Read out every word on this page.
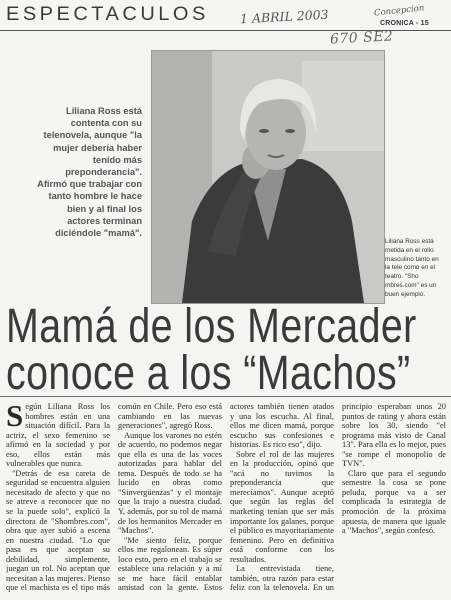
ESPECTACULOS 1 ABRIL 2003
670 SE2
Concepcion
CRONICA - 15
Liliana Ross está contenta con su telenovela, aunque "la mujer debería haber tenido más preponderancia". Afirmó que trabajar con tanto hombre le hace bien y al final los actores terminan diciéndole "mamá".
Liliana Ross está metida en el rollo masculino tanto en la tele como en el teatro. "Sho mbres.com" es un buen ejemplo.
Mamá de los Mercader
conoce a los “Machos”

Según Liliana Ross los hombres están en una situación difícil. Para la actriz, el sexo femenino se afirmó en la sociedad y por eso, ellos están más vulnerables que nunca.

"Detrás de esa careta de seguridad se encuentra alguien necesitado de afecto y que no se atreve a reconocer que no se la puede solo", explicó la directora de "Shombres.com", obra que ayer subió a escena en nuestra ciudad. "Lo que pasa es que aceptan su debilidad, simplemente, juegan un rol. No aceptan que necesitan a las mujeres. Pienso que el machista es el tipo más común en Chile. Pero eso está cambiando en las nuevas generaciones", agregó Ross.

Aunque los varones no estén de acuerdo, no podemos negar que ella es una de las voces autorizadas para hablar del tema. Después de todo se ha lucido en obras como "Sinvergüenzas" y el montaje que la trajo a nuestra ciudad. Y, además, por su rol de mamá de los hermanitos Mercader en "Machos".

"Me siento feliz, porque ellos me regalonean. Es súper loco esto, pero en el trabajo se establece una relación y a mí se me hace fácil entablar amistad con la gente. Estos actores también tienen atados y una los escucha. Al final, ellos me dicen mamá, porque escucho sus confesiones e historias. Es rico eso", dijo.

Sobre el rol de las mujeres en la producción, opinó que "acá no tuvimos la preponderancia que merecíamos". Aunque aceptó que según las reglas del marketing tenían que ser más importante los galanes, porque el público es mayoritariamente femenino. Pero en definitiva está conforme con los resultados.

La entrevistada tiene, también, otra razón para estar feliz con la telenovela. En un principio esperaban unos 20 puntos de rating y ahora están sobre los 30, siendo "el programa más visto de Canal 13". Para ella es lo mejor, pues "se rompe el monopolio de TVN".

Claro que para el segundo semestre la cosa se pone peluda, porque va a ser complicada la estrategia de promoción de la próxima apuesta, de manera que iguale a "Machos", según confesó.
